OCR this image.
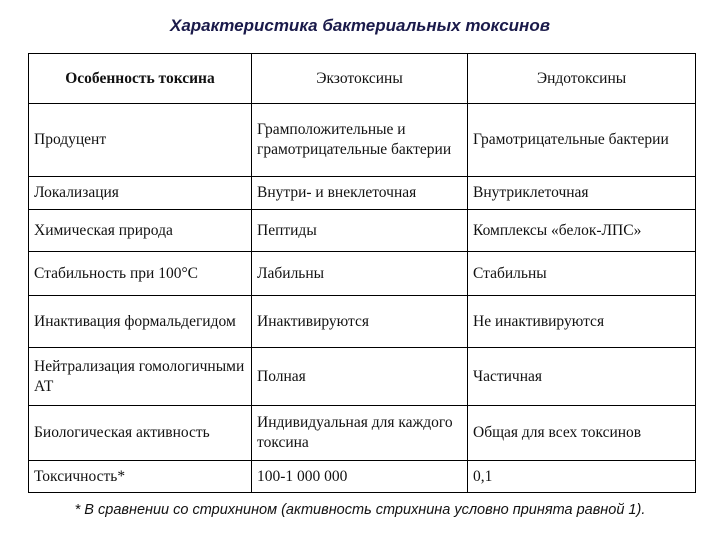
Характеристика бактериальных токсинов
Особенность токсина	Экзотоксины	Эндотоксины
Продуцент	Грамположительные и грамотрицательные бактерии	Грамотрицательные бактерии
Локализация	Внутри- и внеклеточная	Внутриклеточная
Химическая природа	Пептиды	Комплексы «белок-ЛПС»
Стабильность при 100°С	Лабильны	Стабильны
Инактивация формальдегидом	Инактивируются	Не инактивируются
Нейтрализация гомологичными АТ	Полная	Частичная
Биологическая активность	Индивидуальная для каждого токсина	Общая для всех токсинов
Токсичность*	100-1 000 000	0,1
* В сравнении со стрихнином (активность стрихнина условно принята равной 1).
